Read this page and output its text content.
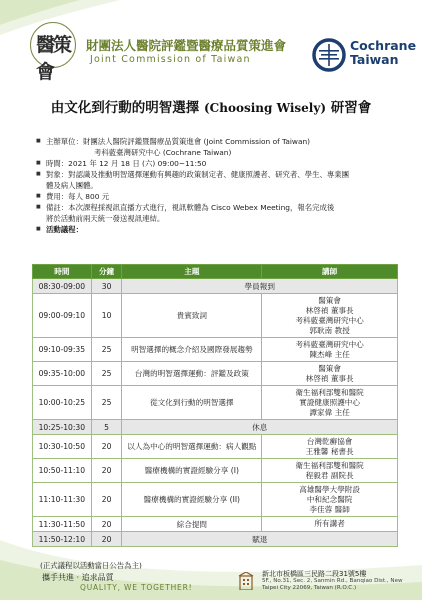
醫策會
財團法人醫院評鑑暨醫療品質策進會
Joint Commission of Taiwan
Cochrane
Taiwan
由文化到行動的明智選擇 (Choosing Wisely) 研習會
■ 主辦單位：財團法人醫院評鑑暨醫療品質策進會 (Joint Commission of Taiwan)
考科藍臺灣研究中心 (Cochrane Taiwan)
■ 時間：2021 年 12 月 18 日 (六) 09:00~11:50
■ 對象：對認識及推動明智選擇運動有興趣的政策制定者、健康照護者、研究者、學生、專業團
體及病人團體。
■ 費用：每人 800 元
■ 備註：本次課程採視訊直播方式進行，視訊軟體為 Cisco Webex Meeting，報名完成後
將於活動前兩天統一發送視訊連結。
■ 活動議程：
時間	分鐘	主題	講師
08:30-09:00	30	學員報到	
09:00-09:10	10	貴賓致詞	醫策會
林啓禎 董事長
考科藍臺灣研究中心
郭耿南 教授
09:10-09:35	25	明智選擇的概念介紹及國際發展趨勢	考科藍臺灣研究中心
陳杰峰 主任
09:35-10:00	25	台灣的明智選擇運動：評鑑及政策	醫策會
林啓禎 董事長
10:00-10:25	25	從文化到行動的明智選擇	衛生福利部雙和醫院
實證健康照護中心
譚家偉 主任
10:25-10:30	5	休息	
10:30-10:50	20	以人為中心的明智選擇運動：病人觀點	台灣乾癬協會
王雅馨 秘書長
10:50-11:10	20	醫療機構的實證經驗分享 (I)	衛生福利部雙和醫院
程毅君 副院長
11:10-11:30	20	醫療機構的實證經驗分享 (II)	高雄醫學大學附設
中和紀念醫院
李佳蓉 醫師
11:30-11:50	20	綜合提問	所有講者
11:50-12:10	20	賦退	
(正式議程以活動當日公告為主)
攜手共進 · 追求品質
QUALITY, WE TOGETHER!
新北市板橋區三民路二段31號5樓
5F., No.31, Sec. 2, Sanmin Rd., Banqiao Dist., New Taipei City 22069, Taiwan (R.O.C.)
